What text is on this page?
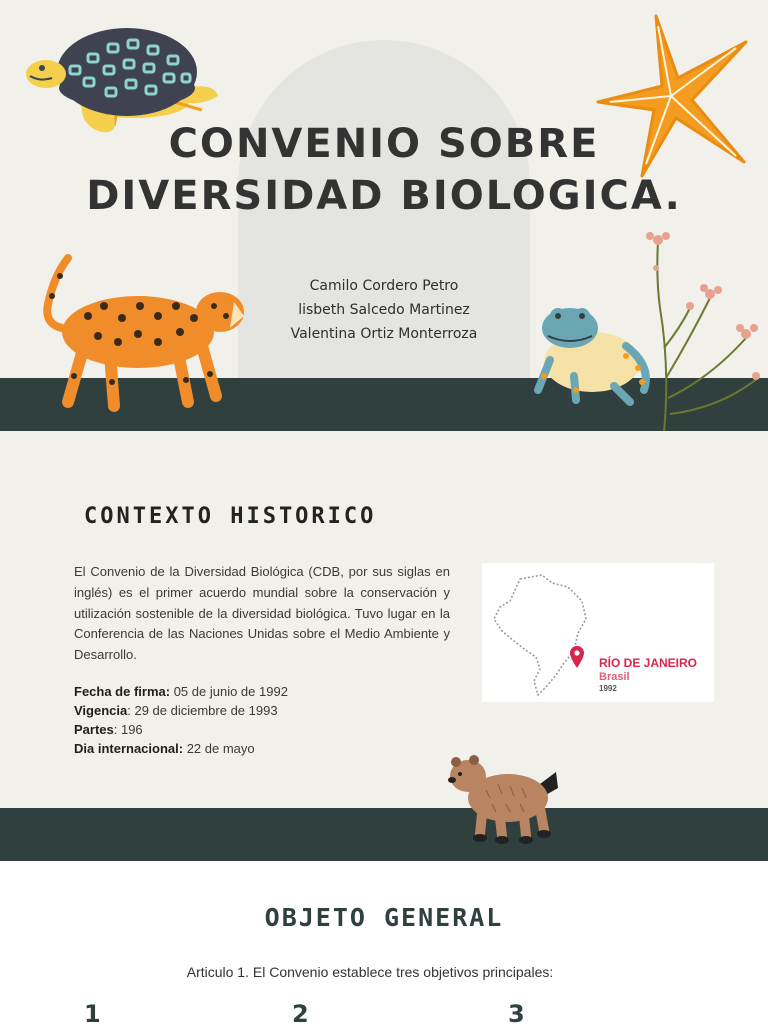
CONVENIO SOBRE
DIVERSIDAD BIOLOGICA.
Camilo Cordero Petro
lisbeth Salcedo Martinez
Valentina Ortiz Monterroza
CONTEXTO HISTORICO
El Convenio de la Diversidad Biológica (CDB, por sus siglas en inglés) es el primer acuerdo mundial sobre la conservación y utilización sostenible de la diversidad biológica. Tuvo lugar en la Conferencia de las Naciones Unidas sobre el Medio Ambiente y Desarrollo.
Fecha de firma: 05 de junio de 1992
Vigencia: 29 de diciembre de 1993
Partes: 196
Dia internacional: 22 de mayo
RÍO DE JANEIRO
Brasil
1992
OBJETO GENERAL
Articulo 1. El Convenio establece tres objetivos principales:
1	2	3
